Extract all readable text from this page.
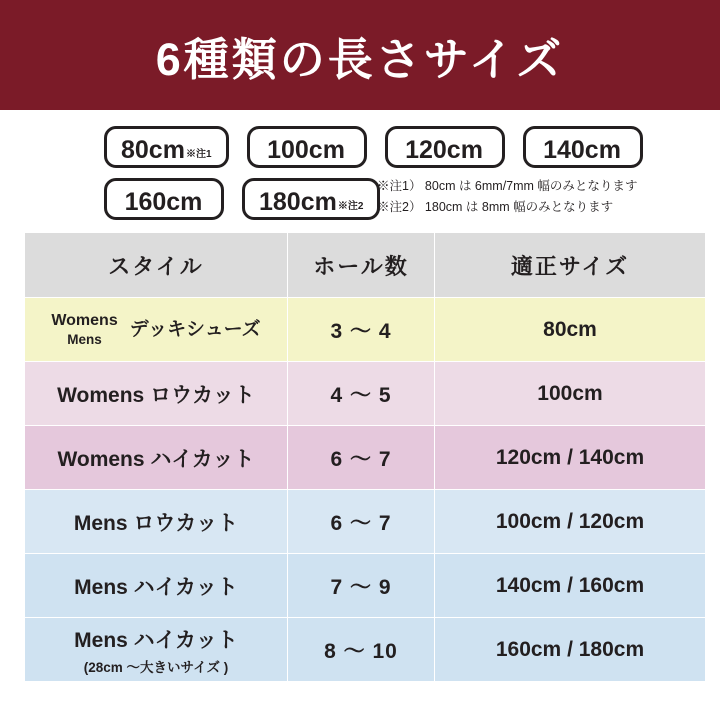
6種類の長さサイズ
80cm ※注1 100cm 120cm 140cm
160cm 180cm ※注2
※注1） 80cm は 6mm/7mm 幅のみとなります
※注2） 180cm は 8mm 幅のみとなります
スタイル	ホール数	適正サイズ
Womens
Mens デッキシューズ	3 〜 4	80cm
Womens ロウカット	4 〜 5	100cm
Womens ハイカット	6 〜 7	120cm / 140cm
Mens ロウカット	6 〜 7	100cm / 120cm
Mens ハイカット	7 〜 9	140cm / 160cm
Mens ハイカット
(28cm 〜大きいサイズ )	8 〜 10	160cm / 180cm
